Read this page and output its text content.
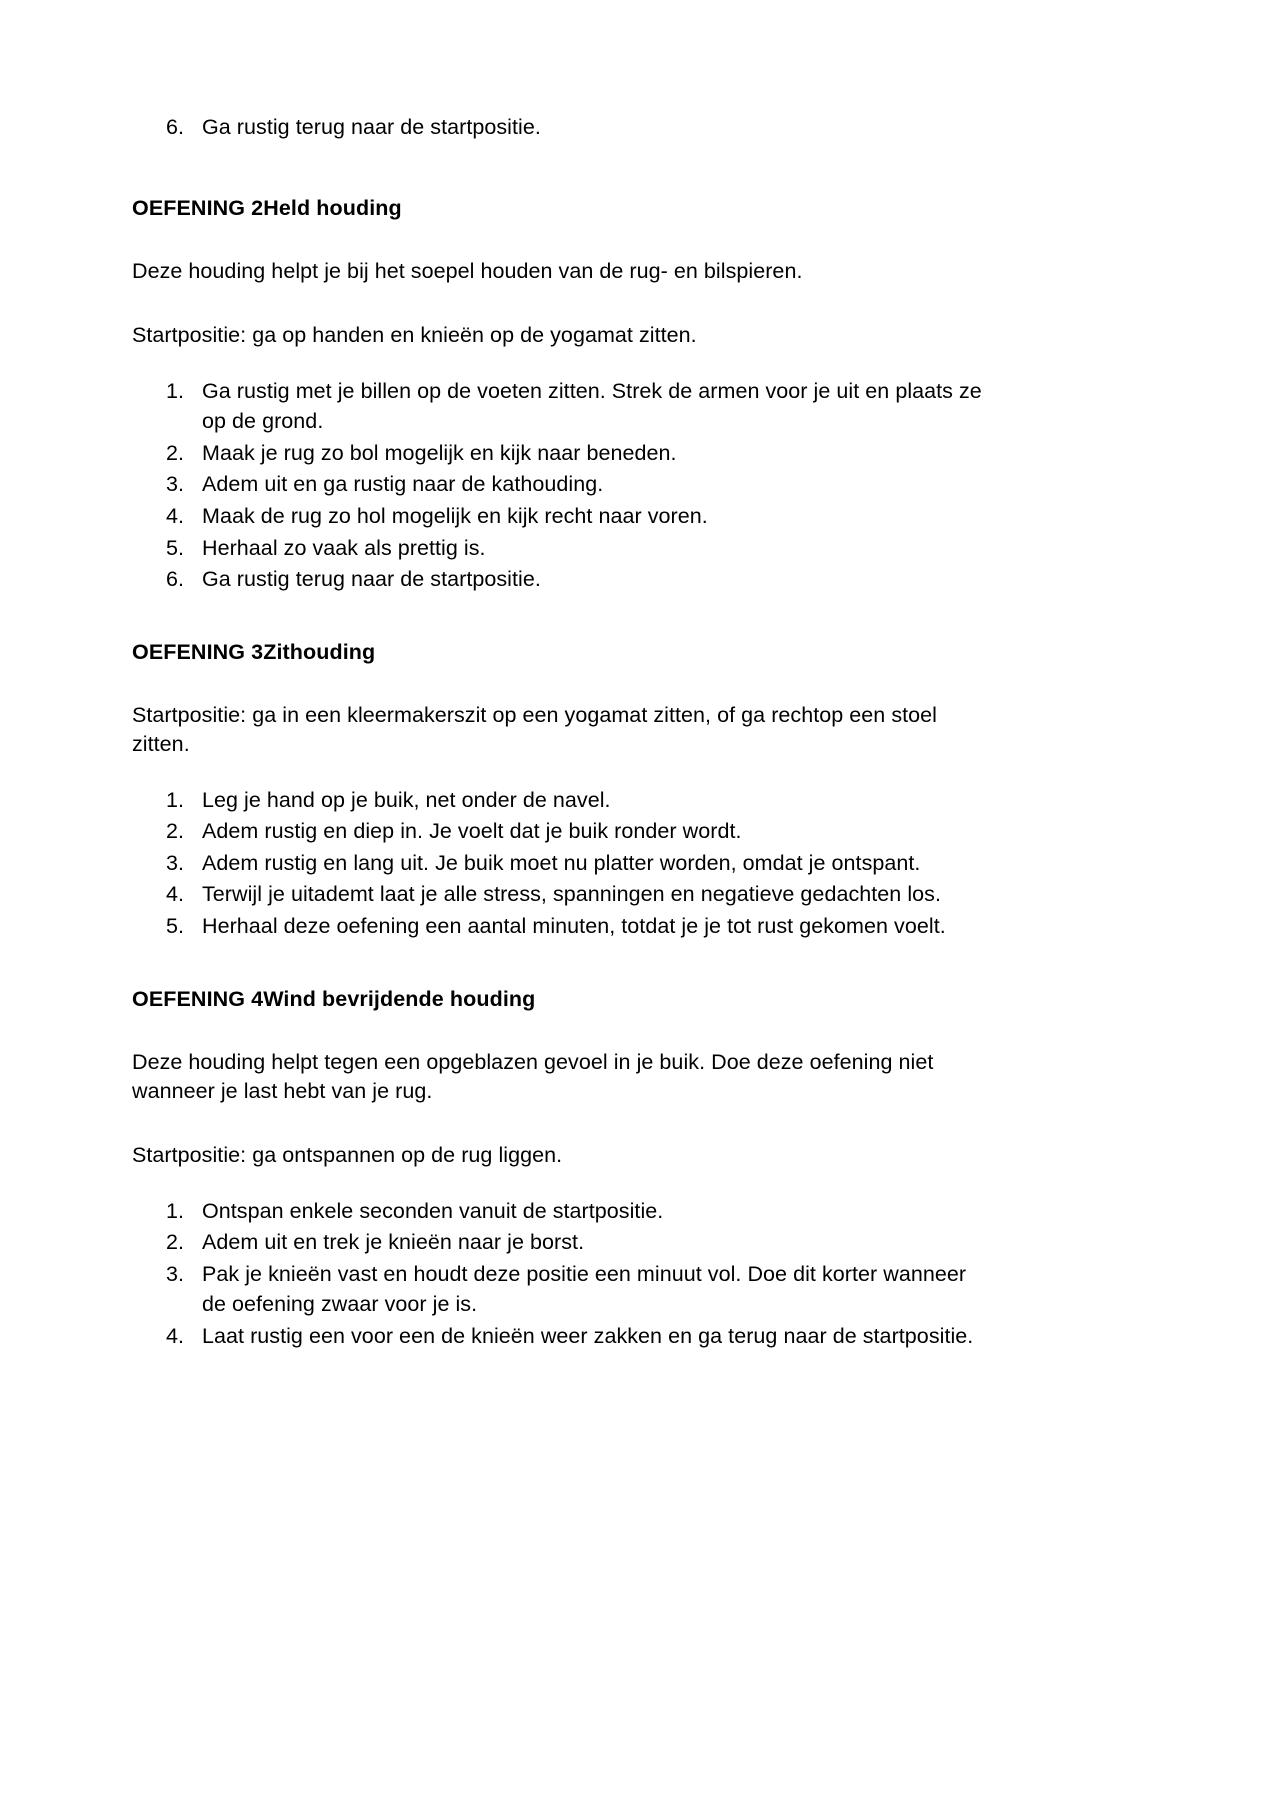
Ga rustig terug naar de startpositie.

OEFENING 2Held houding

Deze houding helpt je bij het soepel houden van de rug- en bilspieren.

Startpositie: ga op handen en knieën op de yogamat zitten.

Ga rustig met je billen op de voeten zitten. Strek de armen voor je uit en plaats ze op de grond.
Maak je rug zo bol mogelijk en kijk naar beneden.
Adem uit en ga rustig naar de kathouding.
Maak de rug zo hol mogelijk en kijk recht naar voren.
Herhaal zo vaak als prettig is.
Ga rustig terug naar de startpositie.

OEFENING 3Zithouding

Startpositie: ga in een kleermakerszit op een yogamat zitten, of ga rechtop een stoel zitten.

Leg je hand op je buik, net onder de navel.
Adem rustig en diep in. Je voelt dat je buik ronder wordt.
Adem rustig en lang uit. Je buik moet nu platter worden, omdat je ontspant.
Terwijl je uitademt laat je alle stress, spanningen en negatieve gedachten los.
Herhaal deze oefening een aantal minuten, totdat je je tot rust gekomen voelt.

OEFENING 4Wind bevrijdende houding

Deze houding helpt tegen een opgeblazen gevoel in je buik. Doe deze oefening niet wanneer je last hebt van je rug.

Startpositie: ga ontspannen op de rug liggen.

Ontspan enkele seconden vanuit de startpositie.
Adem uit en trek je knieën naar je borst.
Pak je knieën vast en houdt deze positie een minuut vol. Doe dit korter wanneer de oefening zwaar voor je is.
Laat rustig een voor een de knieën weer zakken en ga terug naar de startpositie.
